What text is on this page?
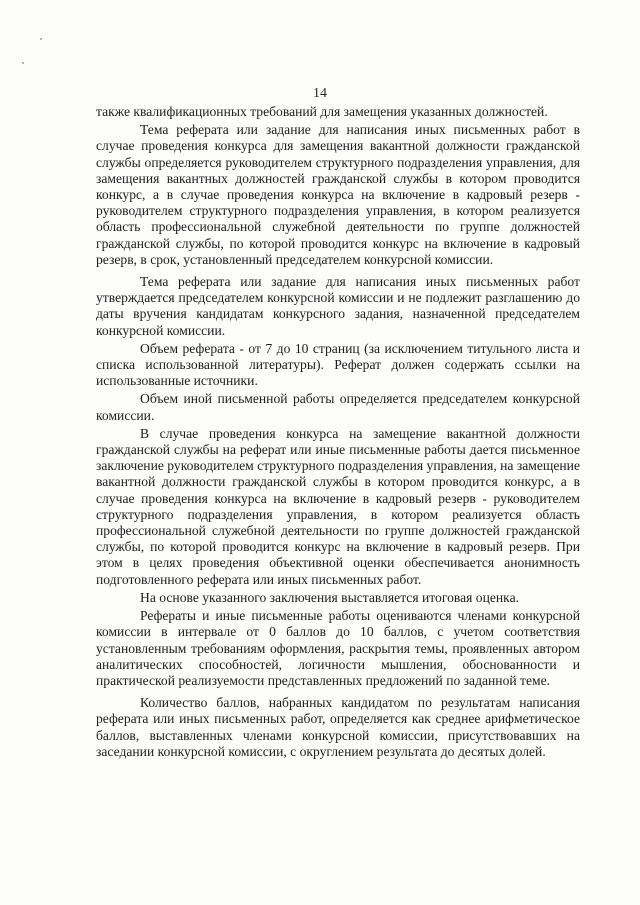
14

также квалификационных требований для замещения указанных должностей.

Тема реферата или задание для написания иных письменных работ в случае проведения конкурса для замещения вакантной должности гражданской службы определяется руководителем структурного подразделения управления, для замещения вакантных должностей гражданской службы в котором проводится конкурс, а в случае проведения конкурса на включение в кадровый резерв - руководителем структурного подразделения управления, в котором реализуется область профессиональной служебной деятельности по группе должностей гражданской службы, по которой проводится конкурс на включение в кадровый резерв, в срок, установленный председателем конкурсной комиссии.

Тема реферата или задание для написания иных письменных работ утверждается председателем конкурсной комиссии и не подлежит разглашению до даты вручения кандидатам конкурсного задания, назначенной председателем конкурсной комиссии.

Объем реферата - от 7 до 10 страниц (за исключением титульного листа и списка использованной литературы). Реферат должен содержать ссылки на использованные источники.

Объем иной письменной работы определяется председателем конкурсной комиссии.

В случае проведения конкурса на замещение вакантной должности гражданской службы на реферат или иные письменные работы дается письменное заключение руководителем структурного подразделения управления, на замещение вакантной должности гражданской службы в котором проводится конкурс, а в случае проведения конкурса на включение в кадровый резерв - руководителем структурного подразделения управления, в котором реализуется область профессиональной служебной деятельности по группе должностей гражданской службы, по которой проводится конкурс на включение в кадровый резерв. При этом в целях проведения объективной оценки обеспечивается анонимность подготовленного реферата или иных письменных работ.

На основе указанного заключения выставляется итоговая оценка.

Рефераты и иные письменные работы оцениваются членами конкурсной комиссии в интервале от 0 баллов до 10 баллов, с учетом соответствия установленным требованиям оформления, раскрытия темы, проявленных автором аналитических способностей, логичности мышления, обоснованности и практической реализуемости представленных предложений по заданной теме.

Количество баллов, набранных кандидатом по результатам написания реферата или иных письменных работ, определяется как среднее арифметическое баллов, выставленных членами конкурсной комиссии, присутствовавших на заседании конкурсной комиссии, с округлением результата до десятых долей.
